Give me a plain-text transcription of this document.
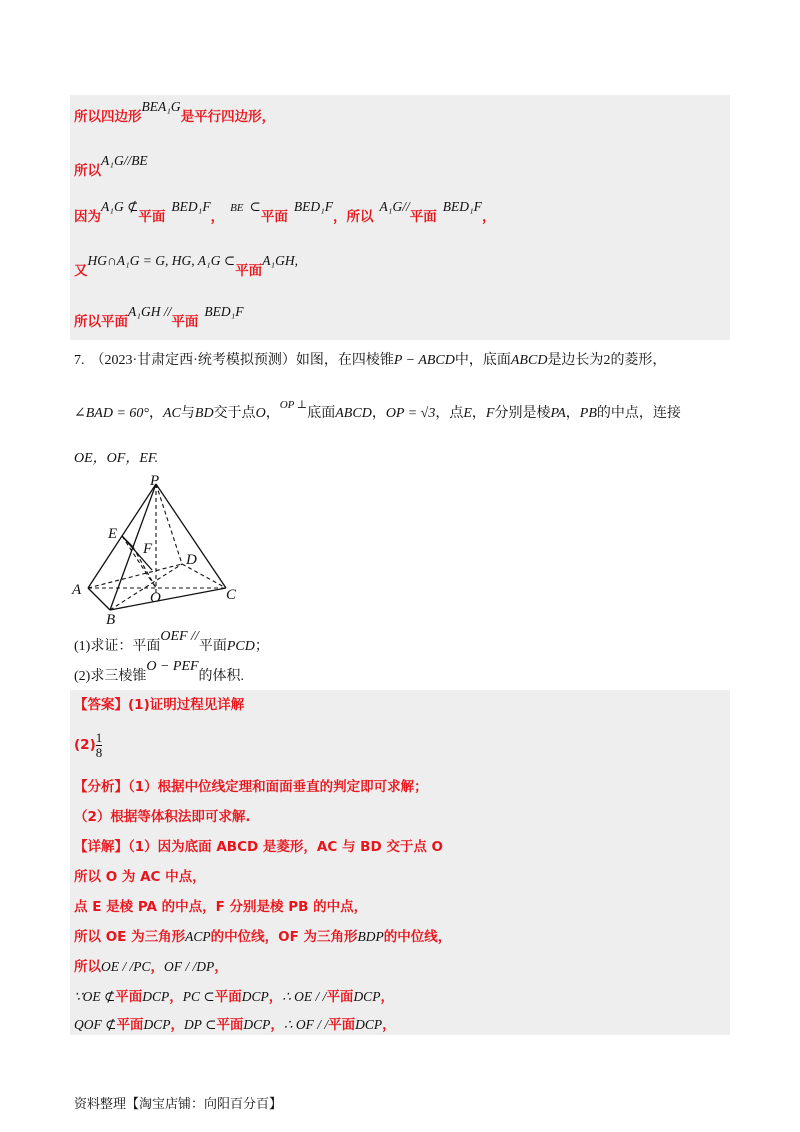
所以四边形BEA₁G是平行四边形，
所以A₁G//BE
因为A₁G ⊄平面BED₁F，$^{BE}$ ⊂平面BED₁F，所以A₁G//平面BED₁F，
又HG∩A₁G = G, HG, A₁G ⊂平面A₁GH,
所以平面A₁GH //平面BED₁F
7. （2023·甘肃定西·统考模拟预测）如图，在四棱锥P − ABCD中，底面ABCD是边长为2的菱形，
∠BAD = 60°，AC与BD交于点O，$^{OP \perp}$底面ABCD，OP = √3，点E，F分别是棱PA，PB的中点，连接
OE，OF，EF.
P
E
F
D
A	O	C
B
(1)求证：平面OEF //平面PCD；
(2)求三棱锥O − PEF的体积.
【答案】(1)证明过程见详解
$(2) \frac{1}{8}$
【分析】（1）根据中位线定理和面面垂直的判定即可求解；
（2）根据等体积法即可求解.
【详解】（1）因为底面 ABCD 是菱形，AC 与 BD 交于点 O
所以 O 为 AC 中点，
点 E 是棱 PA 的中点，F 分别是棱 PB 的中点，
所以 OE 为三角形ACP的中位线，OF 为三角形BDP的中位线，
所以OE / /PC，OF / /DP，
∵OE ⊄平面DCP，PC ⊂平面DCP，∴ OE / /平面DCP，
QOF ⊄平面DCP，DP ⊂平面DCP，∴ OF / /平面DCP，
资料整理【淘宝店铺：向阳百分百】
